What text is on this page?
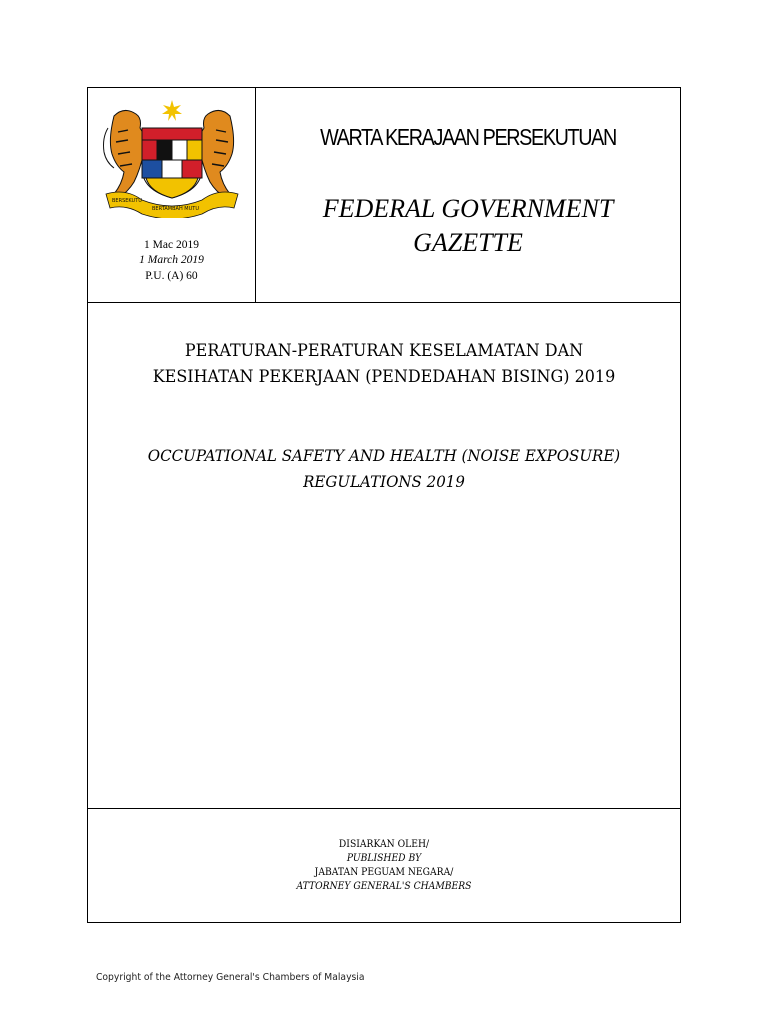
BERSEKUTU
BERTAMBAH MUTU
1 Mac 2019
1 March 2019
P.U. (A) 60
WARTA KERAJAAN PERSEKUTUAN
FEDERAL GOVERNMENT
GAZETTE
PERATURAN-PERATURAN KESELAMATAN DAN
KESIHATAN PEKERJAAN (PENDEDAHAN BISING) 2019
OCCUPATIONAL SAFETY AND HEALTH (NOISE EXPOSURE)
REGULATIONS 2019
DISIARKAN OLEH/
PUBLISHED BY
JABATAN PEGUAM NEGARA/
ATTORNEY GENERAL'S CHAMBERS
Copyright of the Attorney General's Chambers of Malaysia
